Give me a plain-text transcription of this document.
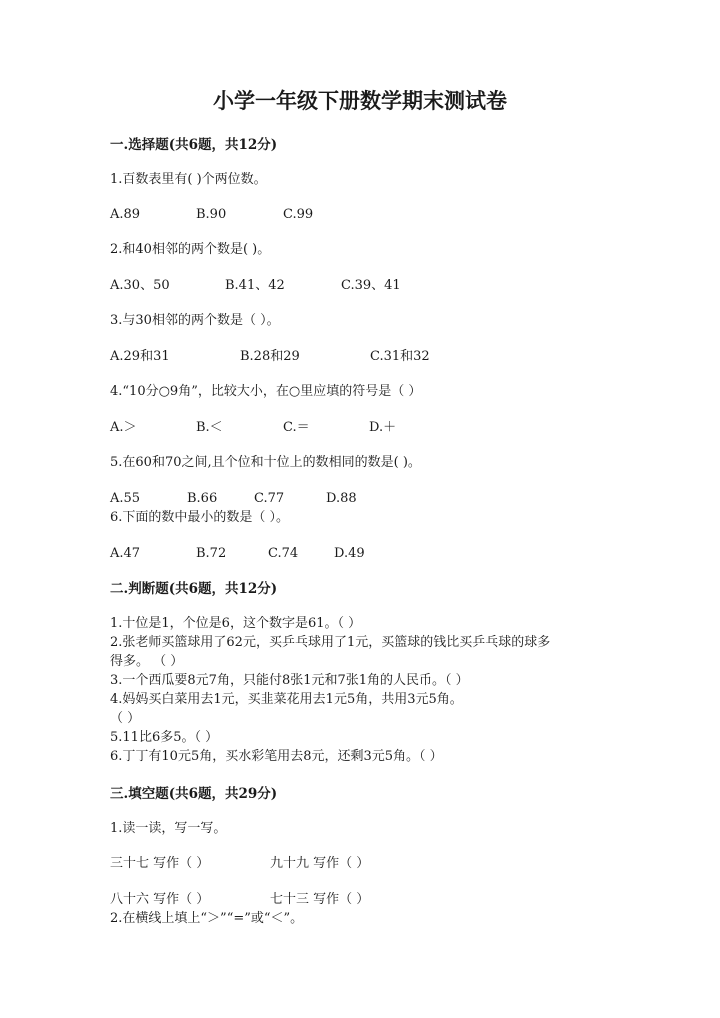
小学一年级下册数学期末测试卷
一.选择题(共6题，共12分)
1.百数表里有( )个两位数。
A.89	B.90	C.99
2.和40相邻的两个数是( )。
A.30、50	B.41、42	C.39、41
3.与30相邻的两个数是（ ）。
A.29和31	B.28和29	C.31和32
4.“10分○9角”，比较大小，在○里应填的符号是（ ）
A.＞	B.＜	C.＝	D.＋
5.在60和70之间,且个位和十位上的数相同的数是( )。
A.55	B.66	C.77	D.88
6.下面的数中最小的数是（ ）。
A.47	B.72	C.74	D.49
二.判断题(共6题，共12分)
1.十位是1，个位是6，这个数字是61。（ ）
2.张老师买篮球用了62元，买乒乓球用了1元，买篮球的钱比买乒乓球的球多
得多。 （ ）
3.一个西瓜要8元7角，只能付8张1元和7张1角的人民币。（ ）
4.妈妈买白菜用去1元，买韭菜花用去1元5角，共用3元5角。
（ ）
5.11比6多5。（ ）
6.丁丁有10元5角，买水彩笔用去8元，还剩3元5角。（ ）
三.填空题(共6题，共29分)
1.读一读，写一写。
三十七 写作（ ）	九十九 写作（ ）
八十六 写作（ ）	七十三 写作（ ）
2.在横线上填上“＞”“=”或“＜”。
